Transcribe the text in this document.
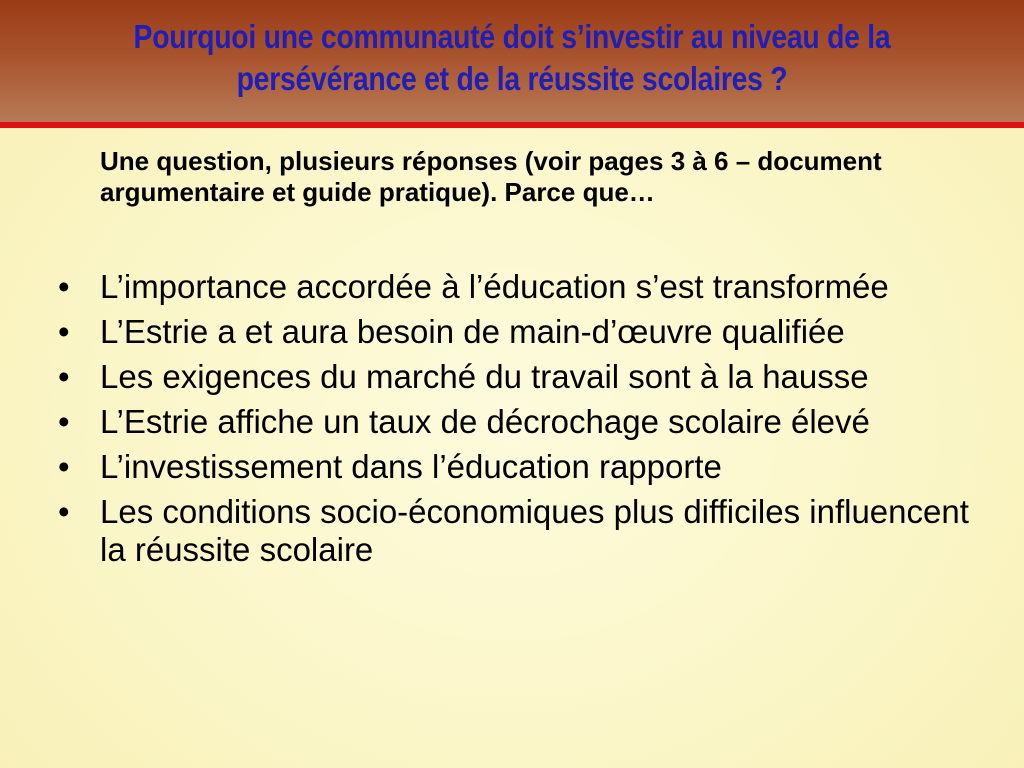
Pourquoi une communauté doit s’investir au niveau de la persévérance et de la réussite scolaires ?

Une question, plusieurs réponses (voir pages 3 à 6 – document argumentaire et guide pratique). Parce que…

• L’importance accordée à l’éducation s’est transformée
• L’Estrie a et aura besoin de main-d’œuvre qualifiée
• Les exigences du marché du travail sont à la hausse
• L’Estrie affiche un taux de décrochage scolaire élevé
• L’investissement dans l’éducation rapporte
• Les conditions socio-économiques plus difficiles influencent la réussite scolaire
